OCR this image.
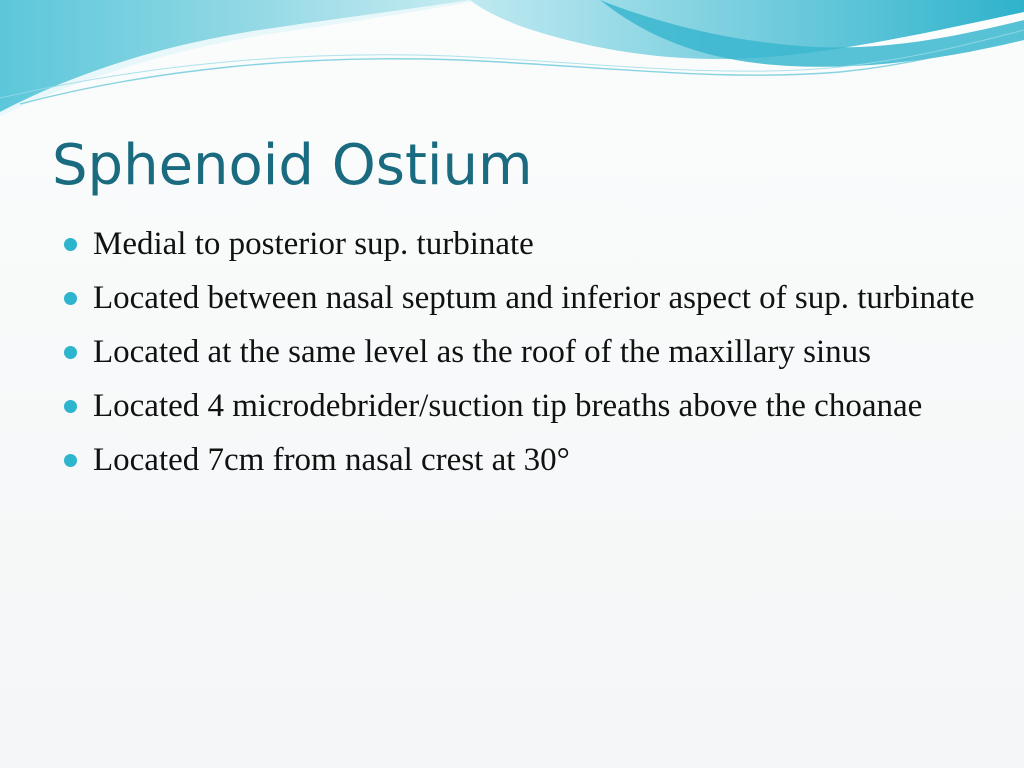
Sphenoid Ostium
Medial to posterior sup. turbinate
Located between nasal septum and inferior aspect of sup. turbinate
Located at the same level as the roof of the maxillary sinus
Located 4 microdebrider/suction tip breaths above the choanae
Located 7cm from nasal crest at 30°
